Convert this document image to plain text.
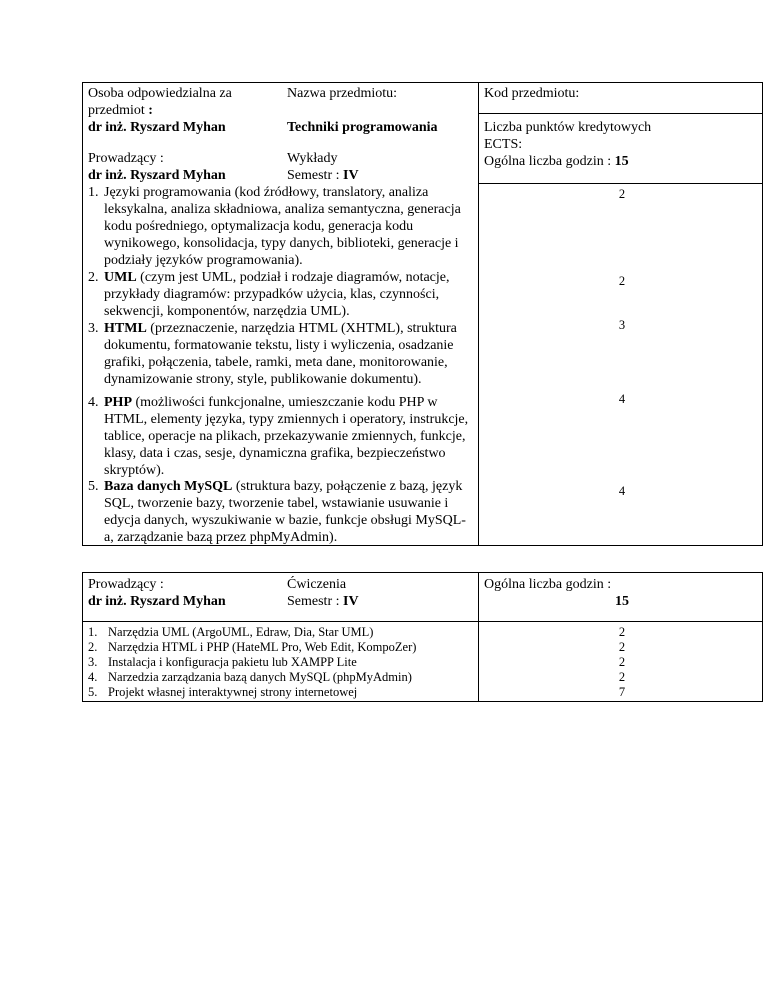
Osoba odpowiedzialna za
przedmiot :
dr inż. Ryszard Myhan
Nazwa przedmiotu:
Techniki programowania
Kod przedmiotu:
Liczba punktów kredytowych
ECTS:
Ogólna liczba godzin : 15
Prowadzący :
dr inż. Ryszard Myhan
Wykłady
Semestr : IV
1. Języki programowania (kod źródłowy, translatory, analiza leksykalna, analiza składniowa, analiza semantyczna, generacja kodu pośredniego, optymalizacja kodu, generacja kodu wynikowego, konsolidacja, typy danych, biblioteki, generacje i podziały języków programowania).
2. UML (czym jest UML, podział i rodzaje diagramów, notacje, przykłady diagramów: przypadków użycia, klas, czynności, sekwencji, komponentów, narzędzia UML).
3. HTML (przeznaczenie, narzędzia HTML (XHTML), struktura dokumentu, formatowanie tekstu, listy i wyliczenia, osadzanie grafiki, połączenia, tabele, ramki, meta dane, monitorowanie, dynamizowanie strony, style, publikowanie dokumentu).
4. PHP (możliwości funkcjonalne, umieszczanie kodu PHP w HTML, elementy języka, typy zmiennych i operatory, instrukcje, tablice, operacje na plikach, przekazywanie zmiennych, funkcje, klasy, data i czas, sesje, dynamiczna grafika, bezpieczeństwo skryptów).
5. Baza danych MySQL (struktura bazy, połączenie z bazą, język SQL, tworzenie bazy, tworzenie tabel, wstawianie usuwanie i edycja danych, wyszukiwanie w bazie, funkcje obsługi MySQL-a, zarządzanie bazą przez phpMyAdmin).
2
2
3
4
4
Prowadzący :
dr inż. Ryszard Myhan
Ćwiczenia
Semestr : IV
Ogólna liczba godzin :
15
1. Narzędzia UML (ArgoUML, Edraw, Dia, Star UML)
2. Narzędzia HTML i PHP (HateML Pro, Web Edit, KompoZer)
3. Instalacja i konfiguracja pakietu lub XAMPP Lite
4. Narzedzia zarządzania bazą danych MySQL (phpMyAdmin)
5. Projekt własnej interaktywnej strony internetowej
2
2
2
2
7
